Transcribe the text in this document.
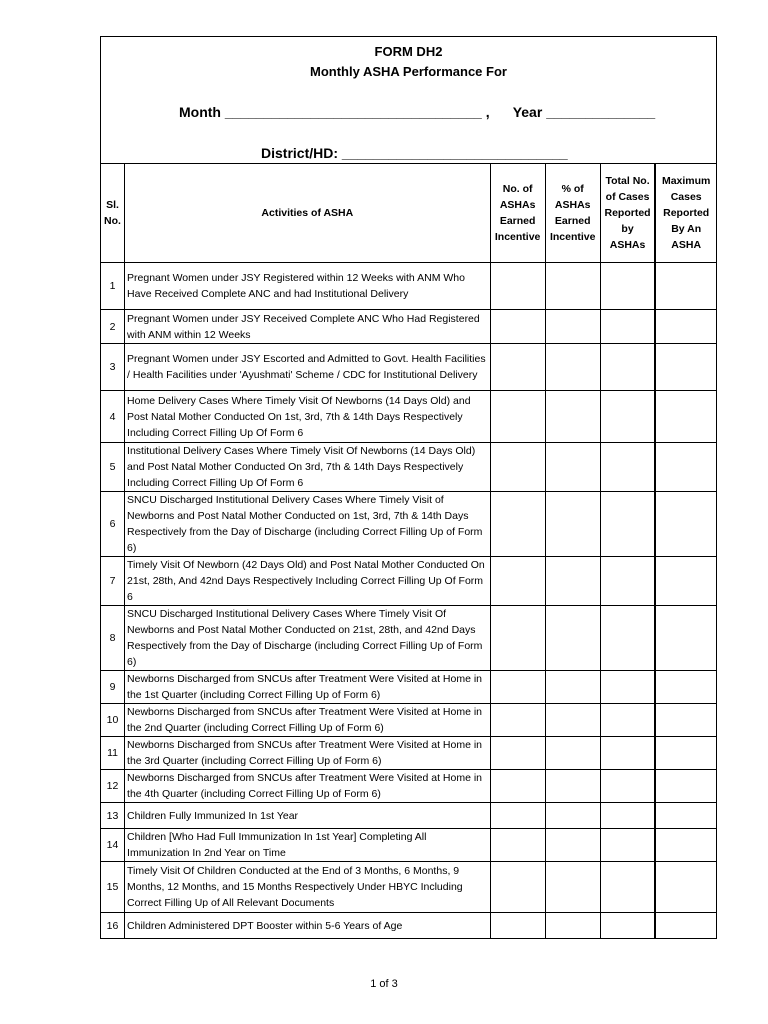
FORM DH2
Monthly ASHA Performance For
Month _________________________________ , Year ______________
District/HD: _____________________________
Sl. No.	Activities of ASHA	No. of ASHAs Earned Incentive	% of ASHAs Earned Incentive	Total No. of Cases Reported by ASHAs	Maximum Cases Reported By An ASHA
1	Pregnant Women under JSY Registered within 12 Weeks with ANM Who Have Received Complete ANC and had Institutional Delivery				
2	Pregnant Women under JSY Received Complete ANC Who Had Registered with ANM within 12 Weeks				
3	Pregnant Women under JSY Escorted and Admitted to Govt. Health Facilities / Health Facilities under 'Ayushmati' Scheme / CDC for Institutional Delivery				
4	Home Delivery Cases Where Timely Visit Of Newborns (14 Days Old) and Post Natal Mother Conducted On 1st, 3rd, 7th & 14th Days Respectively Including Correct Filling Up Of Form 6				
5	Institutional Delivery Cases Where Timely Visit Of Newborns (14 Days Old) and Post Natal Mother Conducted On 3rd, 7th & 14th Days Respectively Including Correct Filling Up Of Form 6				
6	SNCU Discharged Institutional Delivery Cases Where Timely Visit of Newborns and Post Natal Mother Conducted on 1st, 3rd, 7th & 14th Days Respectively from the Day of Discharge (including Correct Filling Up of Form 6)				
7	Timely Visit Of Newborn (42 Days Old) and Post Natal Mother Conducted On 21st, 28th, And 42nd Days Respectively Including Correct Filling Up Of Form 6				
8	SNCU Discharged Institutional Delivery Cases Where Timely Visit Of Newborns and Post Natal Mother Conducted on 21st, 28th, and 42nd Days Respectively from the Day of Discharge (including Correct Filling Up of Form 6)				
9	Newborns Discharged from SNCUs after Treatment Were Visited at Home in the 1st Quarter (including Correct Filling Up of Form 6)				
10	Newborns Discharged from SNCUs after Treatment Were Visited at Home in the 2nd Quarter (including Correct Filling Up of Form 6)				
11	Newborns Discharged from SNCUs after Treatment Were Visited at Home in the 3rd Quarter (including Correct Filling Up of Form 6)				
12	Newborns Discharged from SNCUs after Treatment Were Visited at Home in the 4th Quarter (including Correct Filling Up of Form 6)				
13	Children Fully Immunized In 1st Year				
14	Children [Who Had Full Immunization In 1st Year] Completing All Immunization In 2nd Year on Time				
15	Timely Visit Of Children Conducted at the End of 3 Months, 6 Months, 9 Months, 12 Months, and 15 Months Respectively Under HBYC Including Correct Filling Up of All Relevant Documents				
16	Children Administered DPT Booster within 5-6 Years of Age				
1 of 3
